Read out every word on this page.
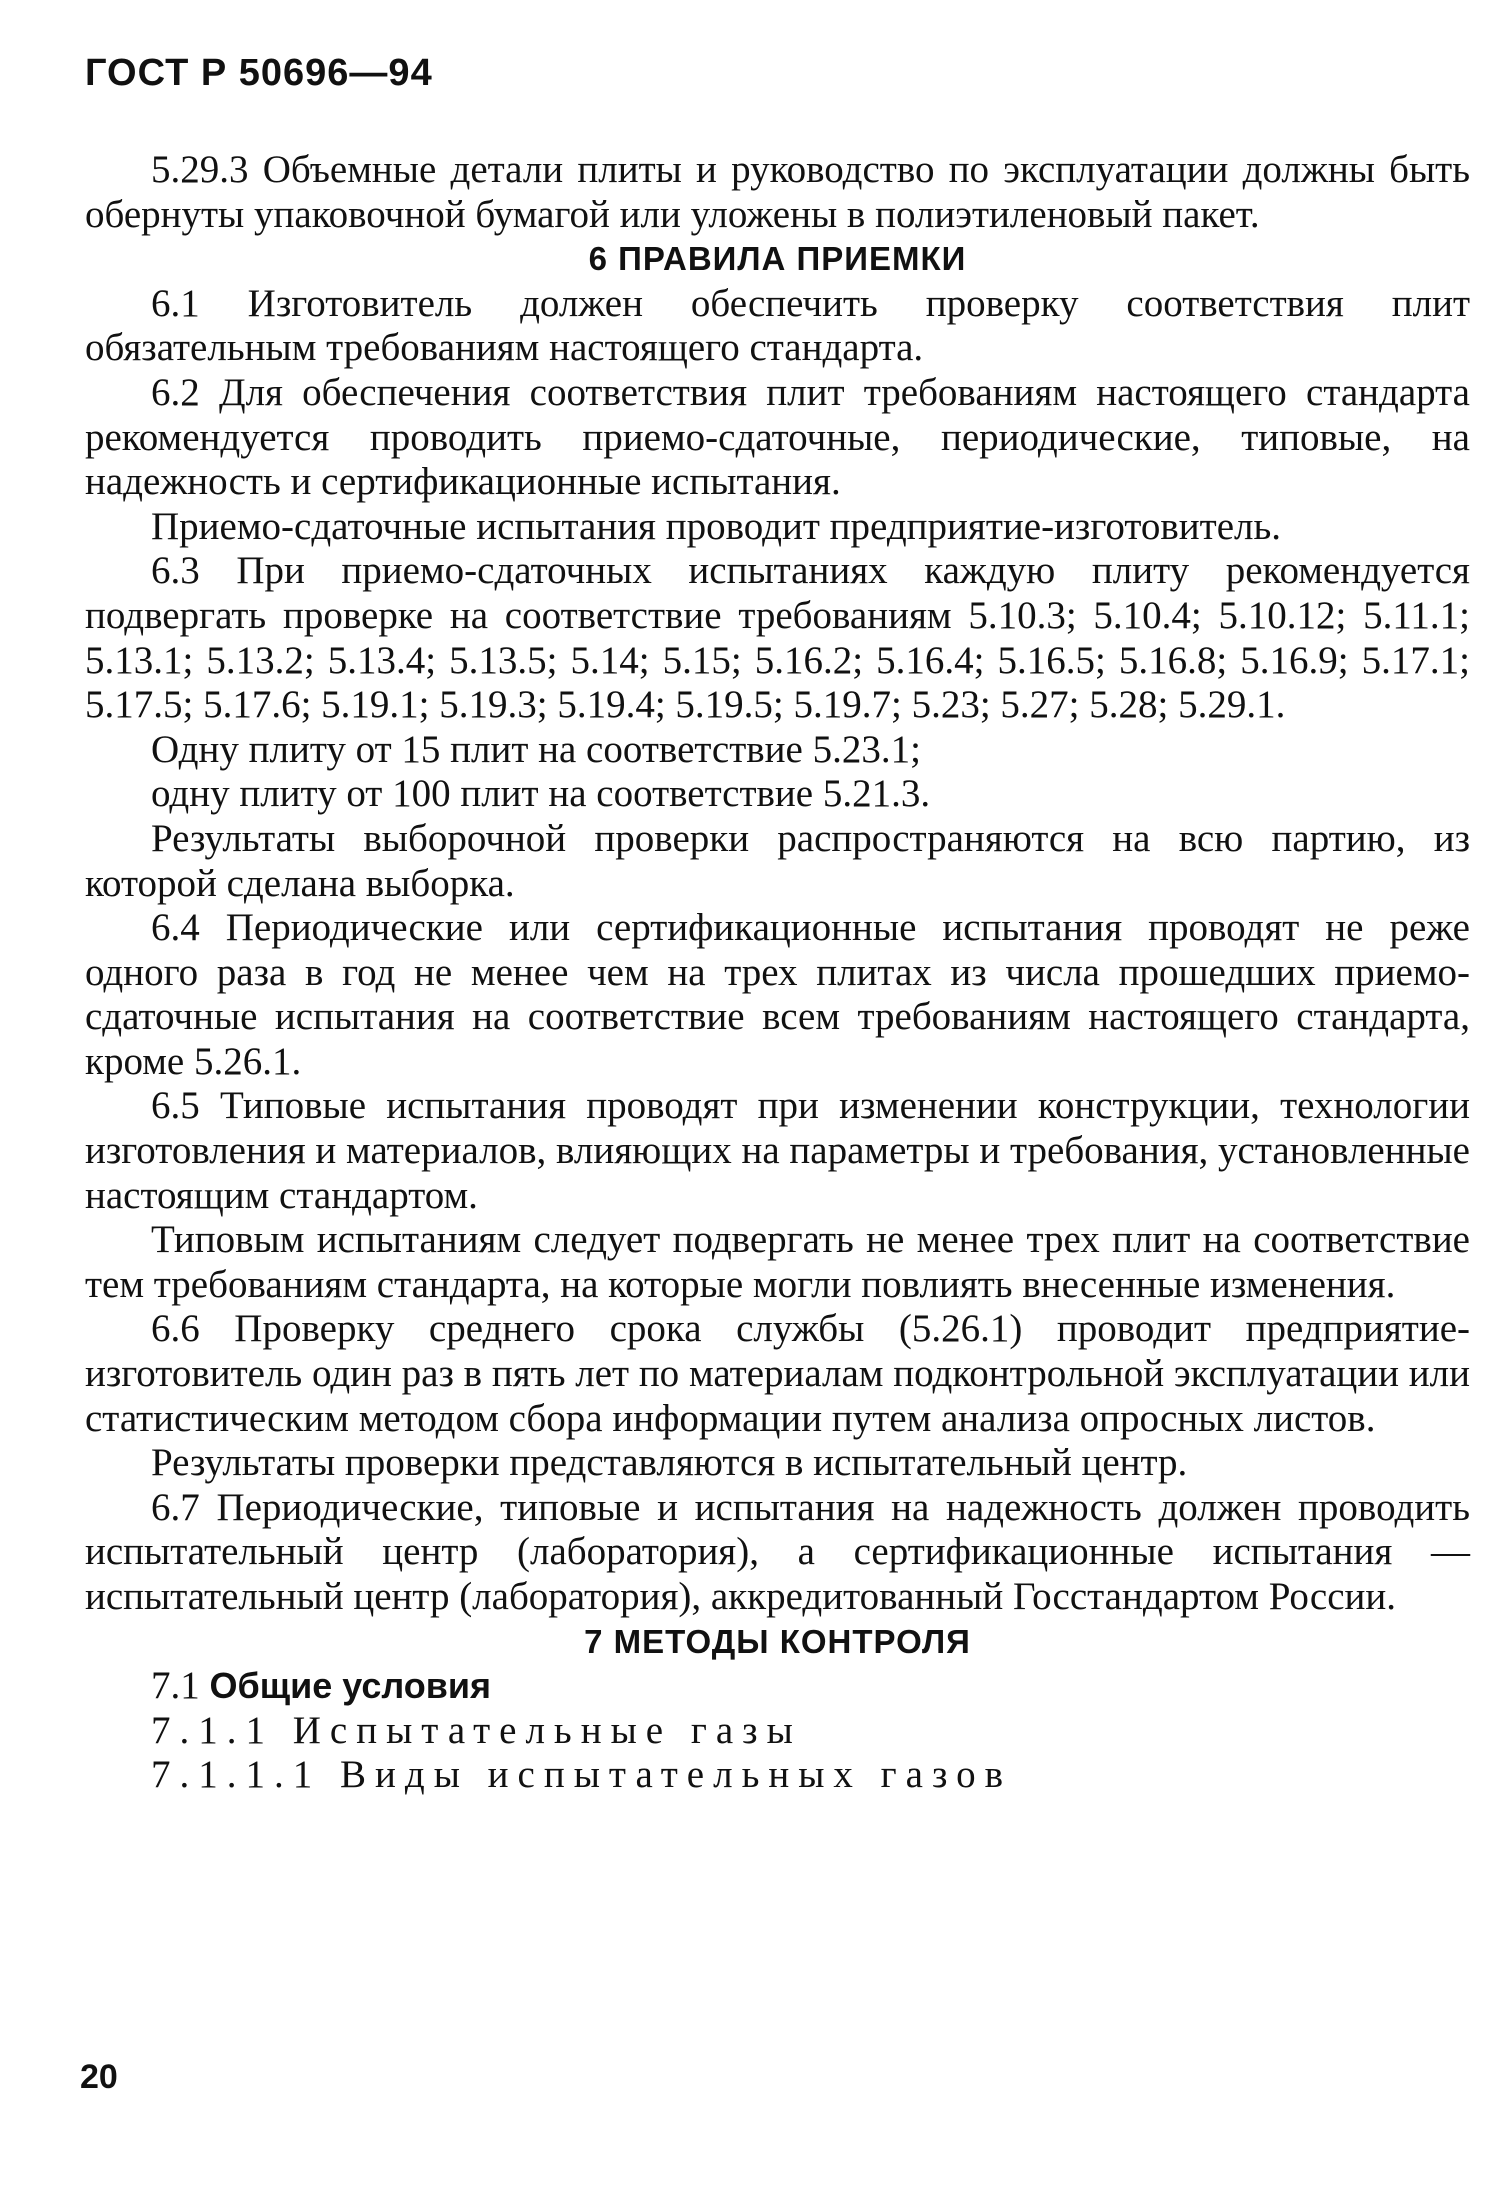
ГОСТ Р 50696—94

5.29.3 Объемные детали плиты и руководство по эксплуатации должны быть обернуты упаковочной бумагой или уложены в полиэтиленовый пакет.

6 ПРАВИЛА ПРИЕМКИ

6.1 Изготовитель должен обеспечить проверку соответствия плит обязательным требованиям настоящего стандарта.

6.2 Для обеспечения соответствия плит требованиям настоящего стандарта рекомендуется проводить приемо-сдаточные, периодические, типовые, на надежность и сертификационные испытания.

Приемо-сдаточные испытания проводит предприятие-изготовитель.

6.3 При приемо-сдаточных испытаниях каждую плиту рекомендуется подвергать проверке на соответствие требованиям 5.10.3; 5.10.4; 5.10.12; 5.11.1; 5.13.1; 5.13.2; 5.13.4; 5.13.5; 5.14; 5.15; 5.16.2; 5.16.4; 5.16.5; 5.16.8; 5.16.9; 5.17.1; 5.17.5; 5.17.6; 5.19.1; 5.19.3; 5.19.4; 5.19.5; 5.19.7; 5.23; 5.27; 5.28; 5.29.1.

Одну плиту от 15 плит на соответствие 5.23.1;

одну плиту от 100 плит на соответствие 5.21.3.

Результаты выборочной проверки распространяются на всю партию, из которой сделана выборка.

6.4 Периодические или сертификационные испытания проводят не реже одного раза в год не менее чем на трех плитах из числа прошедших приемо-сдаточные испытания на соответствие всем требованиям настоящего стандарта, кроме 5.26.1.

6.5 Типовые испытания проводят при изменении конструкции, технологии изготовления и материалов, влияющих на параметры и требования, установленные настоящим стандартом.

Типовым испытаниям следует подвергать не менее трех плит на соответствие тем требованиям стандарта, на которые могли повлиять внесенные изменения.

6.6 Проверку среднего срока службы (5.26.1) проводит предприятие-изготовитель один раз в пять лет по материалам подконтрольной эксплуатации или статистическим методом сбора информации путем анализа опросных листов.

Результаты проверки представляются в испытательный центр.

6.7 Периодические, типовые и испытания на надежность должен проводить испытательный центр (лаборатория), а сертификационные испытания — испытательный центр (лаборатория), аккредитованный Госстандартом России.

7 МЕТОДЫ КОНТРОЛЯ

7.1 Общие условия

7.1.1 Испытательные газы

7.1.1.1 Виды испытательных газов

20
